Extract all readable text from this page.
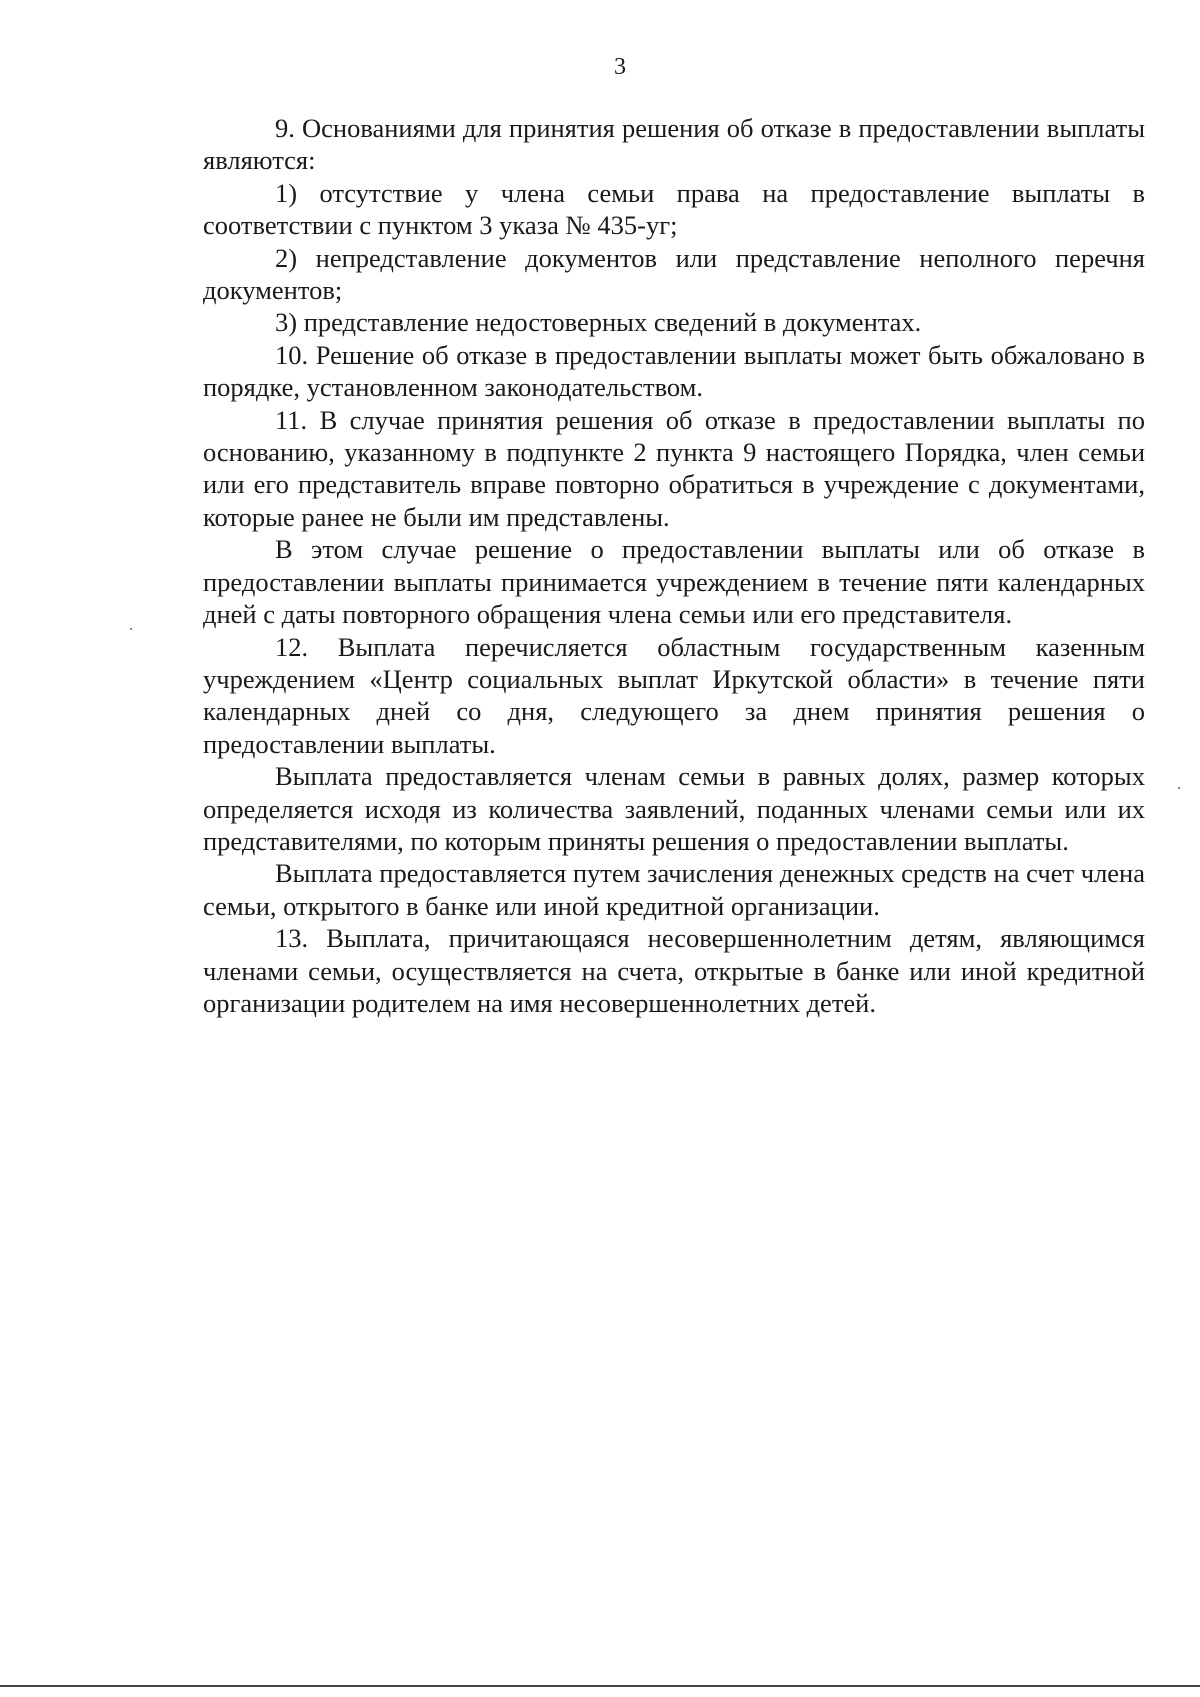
3

9. Основаниями для принятия решения об отказе в предоставлении выплаты являются:

1) отсутствие у члена семьи права на предоставление выплаты в соответствии с пунктом 3 указа № 435-уг;

2) непредставление документов или представление неполного перечня документов;

3) представление недостоверных сведений в документах.

10. Решение об отказе в предоставлении выплаты может быть обжаловано в порядке, установленном законодательством.

11. В случае принятия решения об отказе в предоставлении выплаты по основанию, указанному в подпункте 2 пункта 9 настоящего Порядка, член семьи или его представитель вправе повторно обратиться в учреждение с документами, которые ранее не были им представлены.

В этом случае решение о предоставлении выплаты или об отказе в предоставлении выплаты принимается учреждением в течение пяти календарных дней с даты повторного обращения члена семьи или его представителя.

12. Выплата перечисляется областным государственным казенным учреждением «Центр социальных выплат Иркутской области» в течение пяти календарных дней со дня, следующего за днем принятия решения о предоставлении выплаты.

Выплата предоставляется членам семьи в равных долях, размер которых определяется исходя из количества заявлений, поданных членами семьи или их представителями, по которым приняты решения о предоставлении выплаты.

Выплата предоставляется путем зачисления денежных средств на счет члена семьи, открытого в банке или иной кредитной организации.

13. Выплата, причитающаяся несовершеннолетним детям, являющимся членами семьи, осуществляется на счета, открытые в банке или иной кредитной организации родителем на имя несовершеннолетних детей.
